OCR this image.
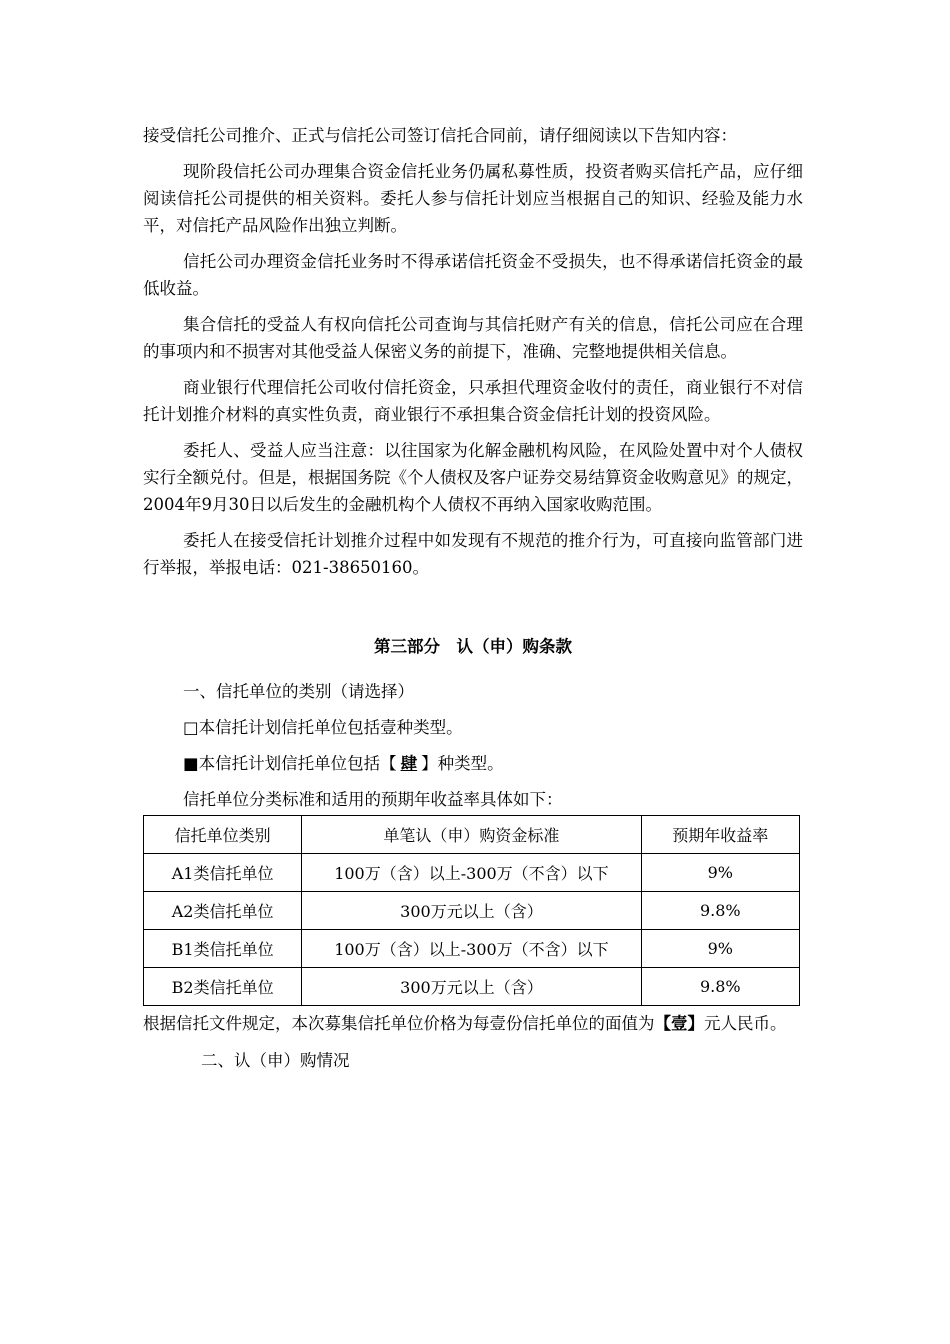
接受信托公司推介、正式与信托公司签订信托合同前，请仔细阅读以下告知内容：

现阶段信托公司办理集合资金信托业务仍属私募性质，投资者购买信托产品，应仔细阅读信托公司提供的相关资料。委托人参与信托计划应当根据自己的知识、经验及能力水平，对信托产品风险作出独立判断。

信托公司办理资金信托业务时不得承诺信托资金不受损失，也不得承诺信托资金的最低收益。

集合信托的受益人有权向信托公司查询与其信托财产有关的信息，信托公司应在合理的事项内和不损害对其他受益人保密义务的前提下，准确、完整地提供相关信息。

商业银行代理信托公司收付信托资金，只承担代理资金收付的责任，商业银行不对信托计划推介材料的真实性负责，商业银行不承担集合资金信托计划的投资风险。

委托人、受益人应当注意：以往国家为化解金融机构风险，在风险处置中对个人债权实行全额兑付。但是，根据国务院《个人债权及客户证券交易结算资金收购意见》的规定，2004年9月30日以后发生的金融机构个人债权不再纳入国家收购范围。

委托人在接受信托计划推介过程中如发现有不规范的推介行为，可直接向监管部门进行举报，举报电话：021-38650160。

第三部分　认（申）购条款

一、信托单位的类别（请选择）

□本信托计划信托单位包括壹种类型。

■本信托计划信托单位包括【 肆 】种类型。

信托单位分类标准和适用的预期年收益率具体如下：

信托单位类别	单笔认（申）购资金标准	预期年收益率
A1类信托单位	100万（含）以上-300万（不含）以下	9%
A2类信托单位	300万元以上（含）	9.8%
B1类信托单位	100万（含）以上-300万（不含）以下	9%
B2类信托单位	300万元以上（含）	9.8%

根据信托文件规定，本次募集信托单位价格为每壹份信托单位的面值为【壹】元人民币。

二、认（申）购情况
